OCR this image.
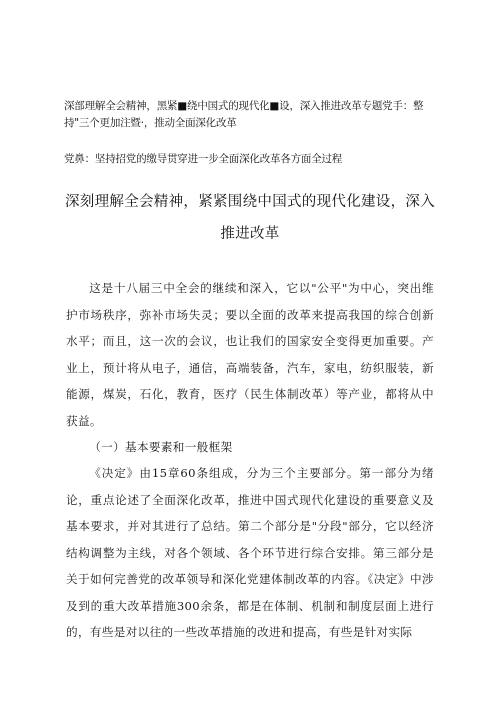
深部理解全会精神，黑紧■绕中国式的现代化■设，深入推进改革专题党手：整持"三个更加注暨·，推动全面深化改革
党鼻：坚持招党的缴导贯穿进一步全面深化改革各方面全过程
深刻理解全会精神，紧紧围绕中国式的现代化建设，深入推进改革

这是十八届三中全会的继续和深入，它以"公平"为中心，突出维护市场秩序，弥补市场失灵；要以全面的改革来提高我国的综合创新水平；而且，这一次的会议，也让我们的国家安全变得更加重要。产业上，预计将从电子，通信，高端装备，汽车，家电，纺织服装，新能源，煤炭，石化，教育，医疗（民生体制改革）等产业，都将从中获益。

（一）基本要素和一般框架

《决定》由15章60条组成，分为三个主要部分。第一部分为绪论，重点论述了全面深化改革，推进中国式现代化建设的重要意义及基本要求，并对其进行了总结。第二个部分是"分段"部分，它以经济结构调整为主线，对各个领域、各个环节进行综合安排。第三部分是关于如何完善党的改革领导和深化党建体制改革的内容。《决定》中涉及到的重大改革措施300余条，都是在体制、机制和制度层面上进行的，有些是对以往的一些改革措施的改进和提高，有些是针对实际
